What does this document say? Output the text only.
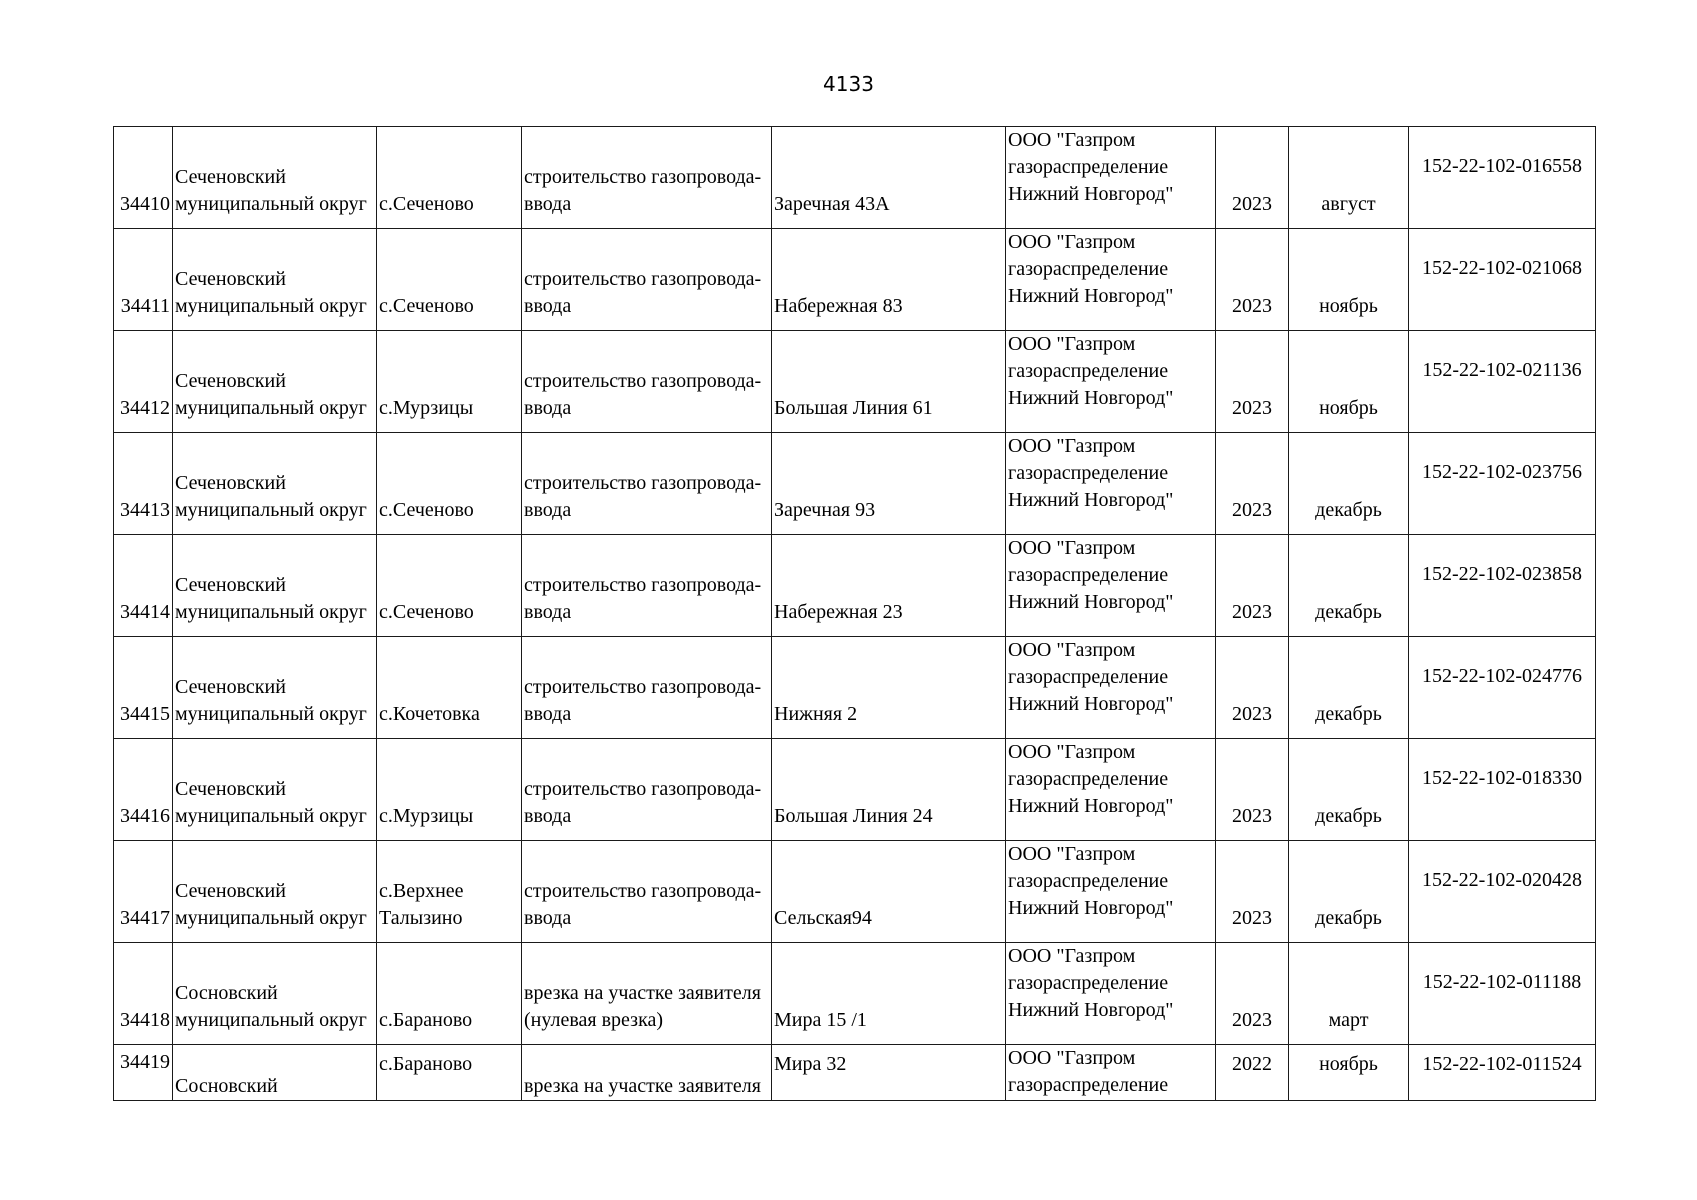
4133
34410	Сеченовский муниципальный округ	с.Сеченово	строительство газопровода-ввода	Заречная 43А	ООО "Газпром газораспределение Нижний Новгород"	2023	август	152-22-102-016558

34411	Сеченовский муниципальный округ	с.Сеченово	строительство газопровода-ввода	Набережная 83	ООО "Газпром газораспределение Нижний Новгород"	2023	ноябрь	152-22-102-021068

34412	Сеченовский муниципальный округ	с.Мурзицы	строительство газопровода-ввода	Большая Линия 61	ООО "Газпром газораспределение Нижний Новгород"	2023	ноябрь	152-22-102-021136

34413	Сеченовский муниципальный округ	с.Сеченово	строительство газопровода-ввода	Заречная 93	ООО "Газпром газораспределение Нижний Новгород"	2023	декабрь	152-22-102-023756

34414	Сеченовский муниципальный округ	с.Сеченово	строительство газопровода-ввода	Набережная 23	ООО "Газпром газораспределение Нижний Новгород"	2023	декабрь	152-22-102-023858

34415	Сеченовский муниципальный округ	с.Кочетовка	строительство газопровода-ввода	Нижняя 2	ООО "Газпром газораспределение Нижний Новгород"	2023	декабрь	152-22-102-024776

34416	Сеченовский муниципальный округ	с.Мурзицы	строительство газопровода-ввода	Большая Линия 24	ООО "Газпром газораспределение Нижний Новгород"	2023	декабрь	152-22-102-018330

34417	Сеченовский муниципальный округ	с.Верхнее Талызино	строительство газопровода-ввода	Сельская94	ООО "Газпром газораспределение Нижний Новгород"	2023	декабрь	152-22-102-020428

34418	Сосновский муниципальный округ	с.Бараново	врезка на участке заявителя (нулевая врезка)	Мира 15 /1	ООО "Газпром газораспределение Нижний Новгород"	2023	март	152-22-102-011188

34419	Сосновский	с.Бараново	врезка на участке заявителя	Мира 32	ООО "Газпром газораспределение	2022	ноябрь	152-22-102-011524
